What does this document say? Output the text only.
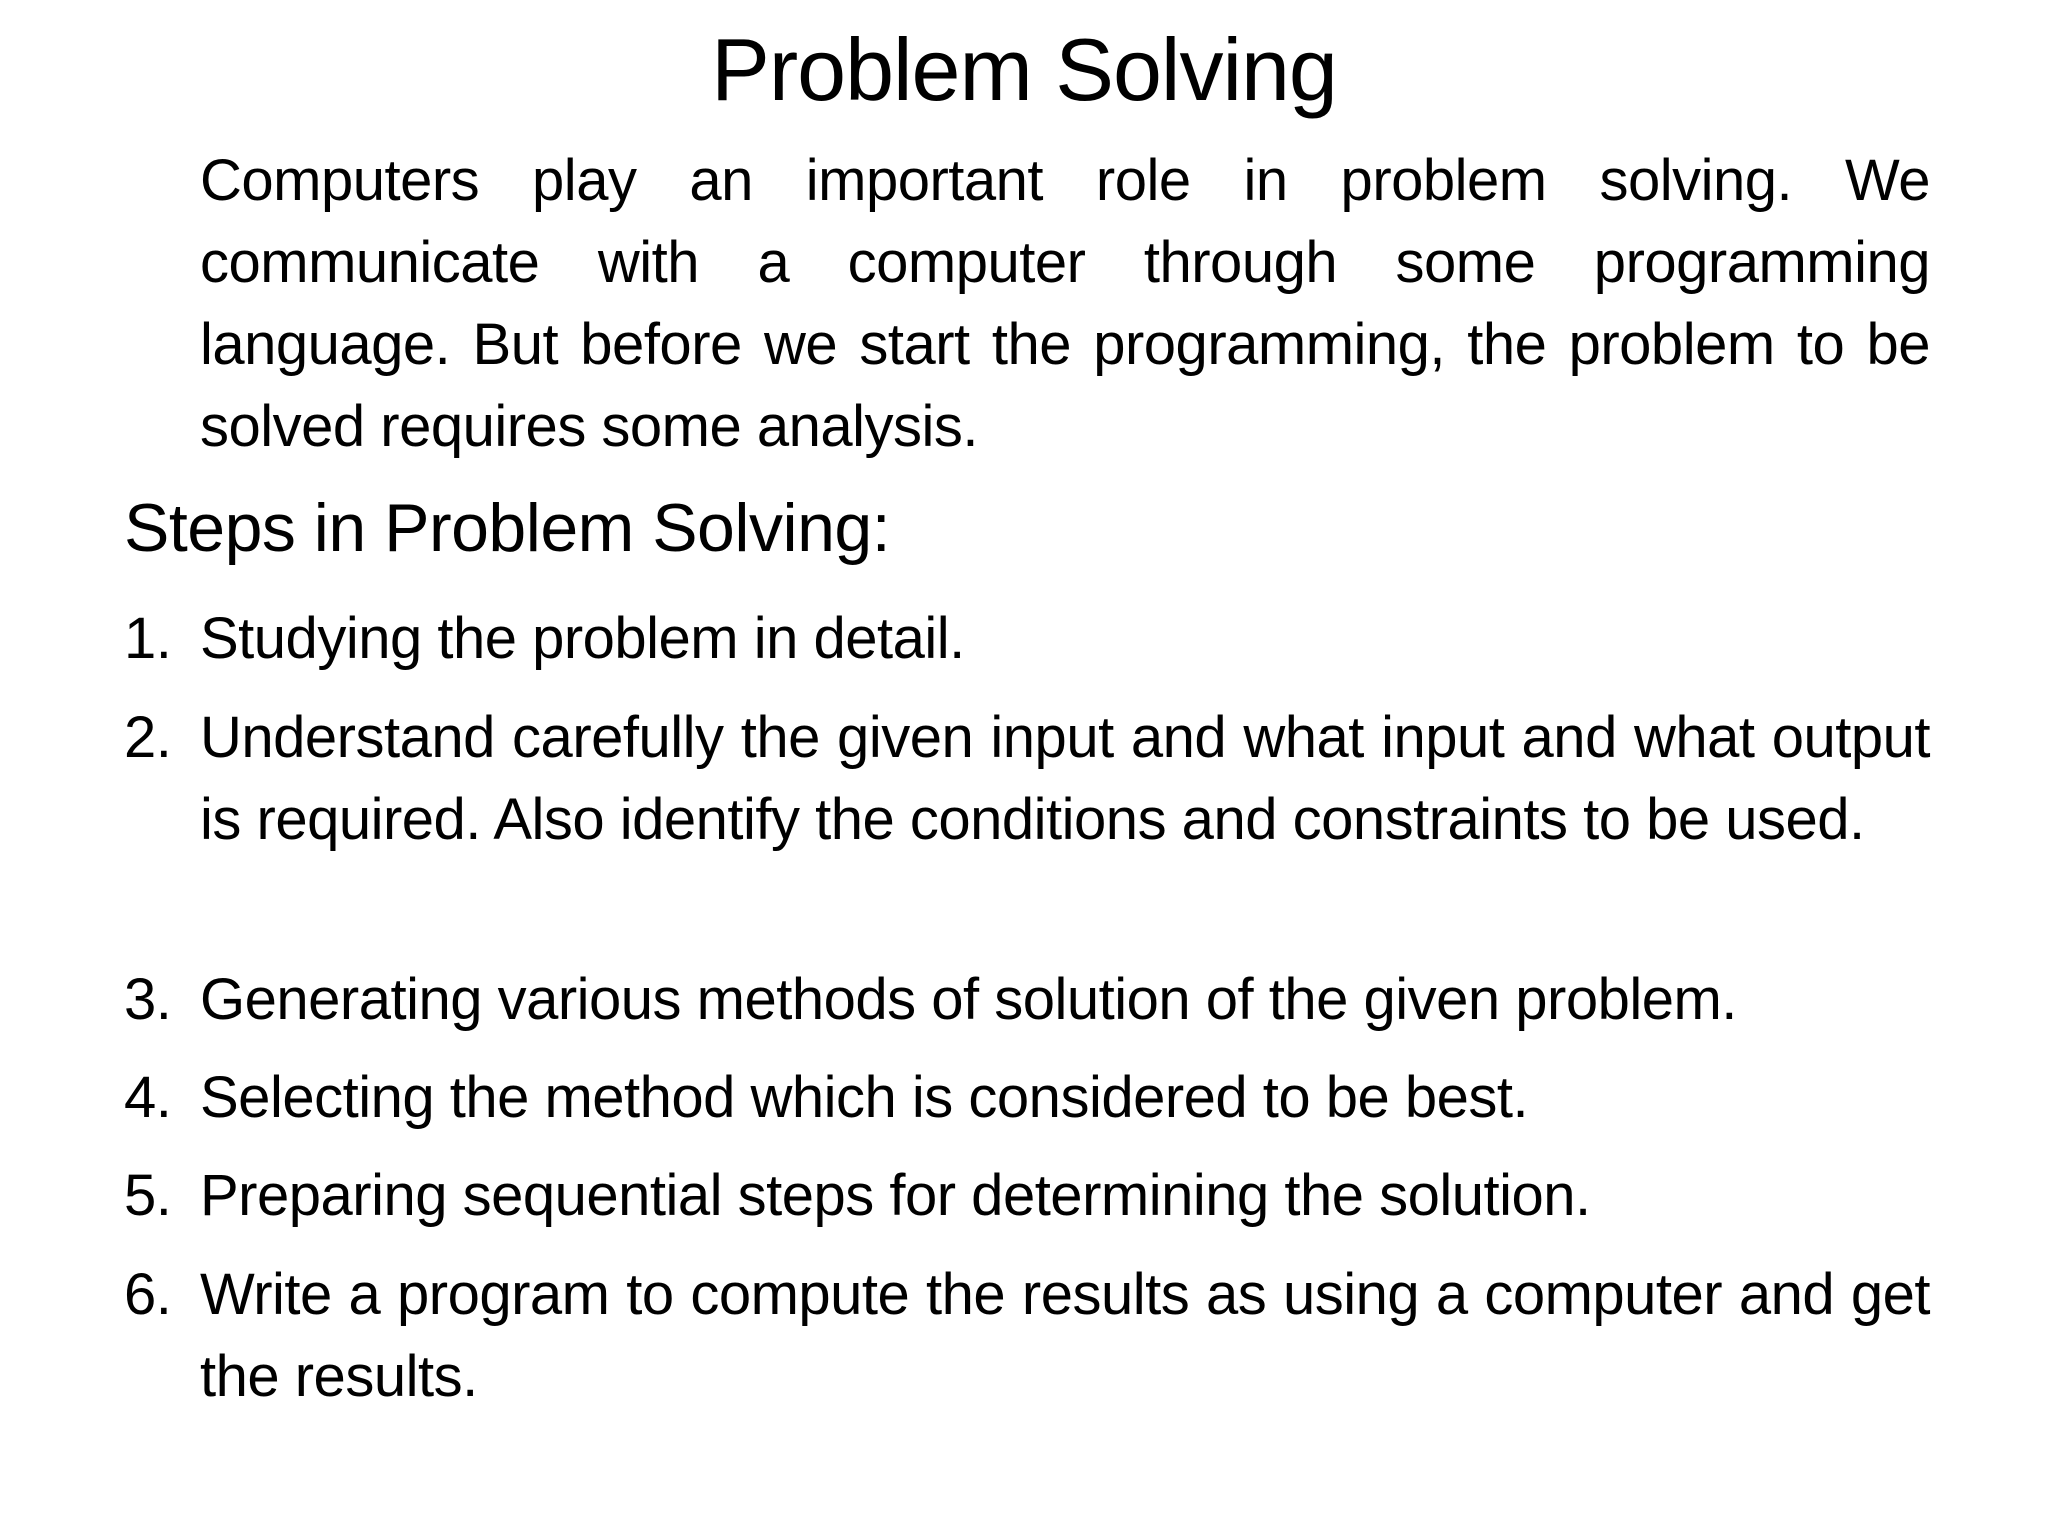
Problem Solving
Computers play an important role in problem solving. We communicate with a computer through some programming language. But before we start the programming, the problem to be solved requires some analysis.
Steps in Problem Solving:
1. Studying the problem in detail.
2. Understand carefully the given input and what input and what output is required. Also identify the conditions and constraints to be used.
3. Generating various methods of solution of the given problem.
4. Selecting the method which is considered to be best.
5. Preparing sequential steps for determining the solution.
6. Write a program to compute the results as using a computer and get the results.
